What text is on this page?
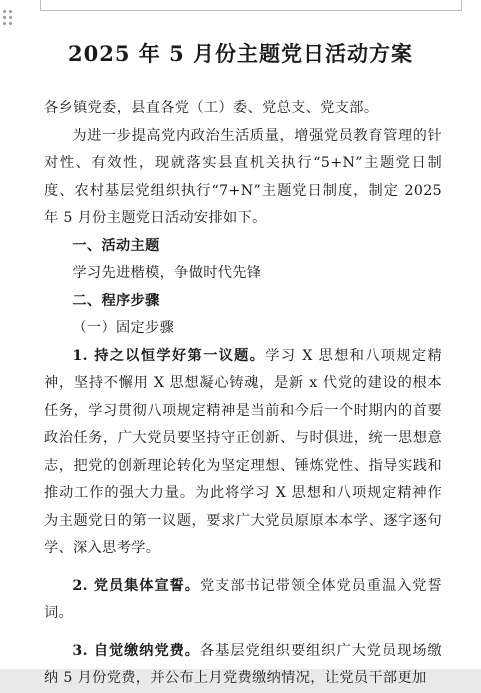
2025 年 5 月份主题党日活动方案

各乡镇党委，县直各党（工）委、党总支、党支部。

为进一步提高党内政治生活质量，增强党员教育管理的针对性、有效性，现就落实县直机关执行“5+N”主题党日制度、农村基层党组织执行“7+N”主题党日制度，制定 2025 年 5 月份主题党日活动安排如下。

一、活动主题

学习先进楷模，争做时代先锋

二、程序步骤

（一）固定步骤

1. 持之以恒学好第一议题。学习 X 思想和八项规定精神，坚持不懈用 X 思想凝心铸魂，是新 x 代党的建设的根本任务，学习贯彻八项规定精神是当前和今后一个时期内的首要政治任务，广大党员要坚持守正创新、与时俱进，统一思想意志，把党的创新理论转化为坚定理想、锤炼党性、指导实践和推动工作的强大力量。为此将学习 X 思想和八项规定精神作为主题党日的第一议题，要求广大党员原原本本学、逐字逐句学、深入思考学。

2. 党员集体宣誓。党支部书记带领全体党员重温入党誓词。

3. 自觉缴纳党费。各基层党组织要组织广大党员现场缴纳 5 月份党费，并公布上月党费缴纳情况，让党员干部更加
